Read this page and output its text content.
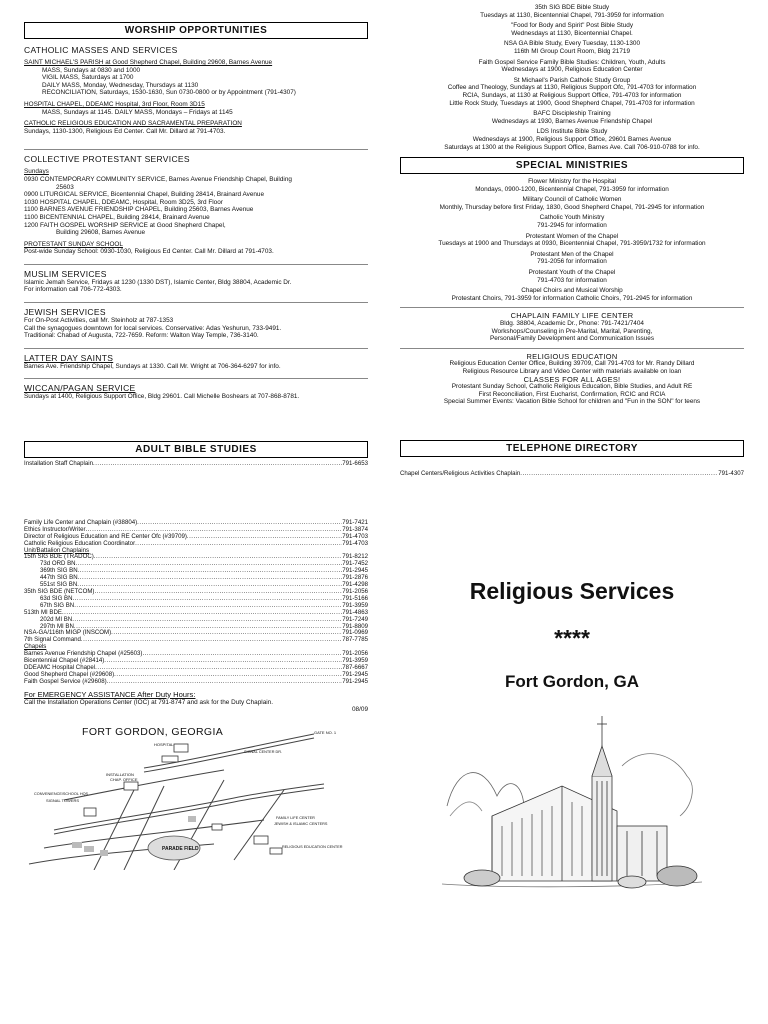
WORSHIP OPPORTUNITIES
CATHOLIC MASSES AND SERVICES
SAINT MICHAEL'S PARISH at Good Shepherd Chapel, Building 29608, Barnes Avenue
MASS, Sundays at 0830 and 1000
VIGIL MASS, Saturdays at 1700
DAILY MASS, Monday, Wednesday, Thursdays at 1130
RECONCILIATION, Saturdays, 1530-1630, Sun 0730-0800 or by Appointment (791-4307)
HOSPITAL CHAPEL, DDEAMC Hospital, 3rd Floor, Room 3D15
MASS, Sundays at 1145. DAILY MASS, Mondays – Fridays at 1145
CATHOLIC RELIGIOUS EDUCATION AND SACRAMENTAL PREPARATION
Sundays, 1130-1300, Religious Ed Center. Call Mr. Dillard at 791-4703.
COLLECTIVE PROTESTANT SERVICES
Sundays
0930 CONTEMPORARY COMMUNITY SERVICE, Barnes Avenue Friendship Chapel, Building
25603
0900 LITURGICAL SERVICE, Bicentennial Chapel, Building 28414, Brainard Avenue
1030 HOSPITAL CHAPEL, DDEAMC, Hospital, Room 3D25, 3rd Floor
1100 BARNES AVENUE FRIENDSHIP CHAPEL, Building 25603, Barnes Avenue
1100 BICENTENNIAL CHAPEL, Building 28414, Brainard Avenue
1200 FAITH GOSPEL WORSHIP SERVICE at Good Shepherd Chapel,
Building 29608, Barnes Avenue
PROTESTANT SUNDAY SCHOOL
Post-wide Sunday School: 0930-1030, Religious Ed Center. Call Mr. Dillard at 791-4703.
MUSLIM SERVICES
Islamic Jemah Service, Fridays at 1230 (1330 DST), Islamic Center, Bldg 38804, Academic Dr.
For information call 706-772-4303.
JEWISH SERVICES
For On-Post Activities, call Mr. Steinholz at 787-1353
Call the synagogues downtown for local services. Conservative: Adas Yeshurun, 733-9491.
Traditional: Chabad of Augusta, 722-7659. Reform: Walton Way Temple, 736-3140.
LATTER DAY SAINTS
Barnes Ave. Friendship Chapel, Sundays at 1330. Call Mr. Wright at 706-364-6297 for info.
WICCAN/PAGAN SERVICE
Sundays at 1400, Religious Support Office, Bldg 29601. Call Michelle Boshears at 707-868-8781.
ADULT BIBLE STUDIES
Installation Staff Chaplain .....	791-6653
Family Life Center and Chaplain (#38804) .....	791-7421
Ethics Instructor/Writer .....	791-3874
Director of Religious Education and RE Center Ofc (#39709) .....	791-4703
Catholic Religious Education Coordinator .....	791-4703
Unit/Battalion Chaplains
15th SIG BDE (TRADOC) .....	791-8212
73d ORD BN .....	791-7452
369th SIG BN .....	791-2945
447th SIG BN .....	791-2876
551st SIG BN .....	791-4298
35th SIG BDE (NETCOM) .....	791-2056
63d SIG BN .....	791-5166
67th SIG BN .....	791-3959
513th MI BDE .....	791-4863
202d MI BN .....	791-7249
297th MI BN .....	791-8809
NSA-GA/116th MIGP (INSCOM) .....	791-0969
7th Signal Command .....	787-7785
Chapels
Barnes Avenue Friendship Chapel (#25603) .....	791-2056
Bicentennial Chapel (#28414) .....	791-3959
DDEAMC Hospital Chapel .....	787-6667
Good Shepherd Chapel (#29608) .....	791-2945
Faith Gospel Service (#29608) .....	791-2945
For EMERGENCY ASSISTANCE After Duty Hours:
Call the Installation Operations Center (IOC) at 791-8747 and ask for the Duty Chaplain.
08/09
FORT GORDON, GEORGIA	GATE NO. 1
HOSPITAL
SIGNAL CENTER DR.
INSTALLATION
CHAP. OFFICE
CONVENIENCE/SCHOOL HQS
SIGNAL TOWERS
PARADE FIELD
FAMILY LIFE CENTER
JEWISH & ISLAMIC CENTERS
RELIGIOUS EDUCATION CENTER
35th SIG BDE Bible Study
Tuesdays at 1130, Bicentennial Chapel, 791-3959 for information
"Food for Body and Spirit" Post Bible Study
Wednesdays at 1130, Bicentennial Chapel.
NSA GA Bible Study, Every Tuesday, 1130-1300
116th MI Group Court Room, Bldg 21719
Faith Gospel Service Family Bible Studies: Children, Youth, Adults
Wednesdays at 1900, Religious Education Center
St Michael's Parish Catholic Study Group
Coffee and Theology, Sundays at 1130, Religious Support Ofc, 791-4703 for information
RCIA, Sundays, at 1130 at Religious Support Office, 791-4703 for information
Little Rock Study, Tuesdays at 1900, Good Shepherd Chapel, 791-4703 for information
BAFC Discipleship Training
Wednesdays at 1930, Barnes Avenue Friendship Chapel
LDS Institute Bible Study
Wednesdays at 1900, Religious Support Office, 29601 Barnes Avenue
Saturdays at 1300 at the Religious Support Office, Barnes Ave. Call 706-910-0788 for info.
SPECIAL MINISTRIES
Flower Ministry for the Hospital
Mondays, 0900-1200, Bicentennial Chapel, 791-3959 for information
Military Council of Catholic Women
Monthly, Thursday before first Friday, 1830, Good Shepherd Chapel, 791-2945 for information
Catholic Youth Ministry
791-2945 for information
Protestant Women of the Chapel
Tuesdays at 1900 and Thursdays at 0930, Bicentennial Chapel, 791-3959/1732 for information
Protestant Men of the Chapel
791-2056 for information
Protestant Youth of the Chapel
791-4703 for information
Chapel Choirs and Musical Worship
Protestant Choirs, 791-3959 for information Catholic Choirs, 791-2945 for information
CHAPLAIN FAMILY LIFE CENTER
Bldg. 38804, Academic Dr., Phone: 791-7421/7404
Workshops/Counseling in Pre-Marital, Marital, Parenting,
Personal/Family Development and Communication Issues
RELIGIOUS EDUCATION
Religious Education Center Office, Building 39709, Call 791-4703 for Mr. Randy Dillard
Religious Resource Library and Video Center with materials available on loan
CLASSES FOR ALL AGES!
Protestant Sunday School, Catholic Religious Education, Bible Studies, and Adult RE
First Reconciliation, First Eucharist, Confirmation, RCIC and RCIA
Special Summer Events: Vacation Bible School for children and "Fun in the SON" for teens
TELEPHONE DIRECTORY
Chapel Centers/Religious Activities Chaplain .....	791-4307
Religious Services
****
Fort Gordon, GA
